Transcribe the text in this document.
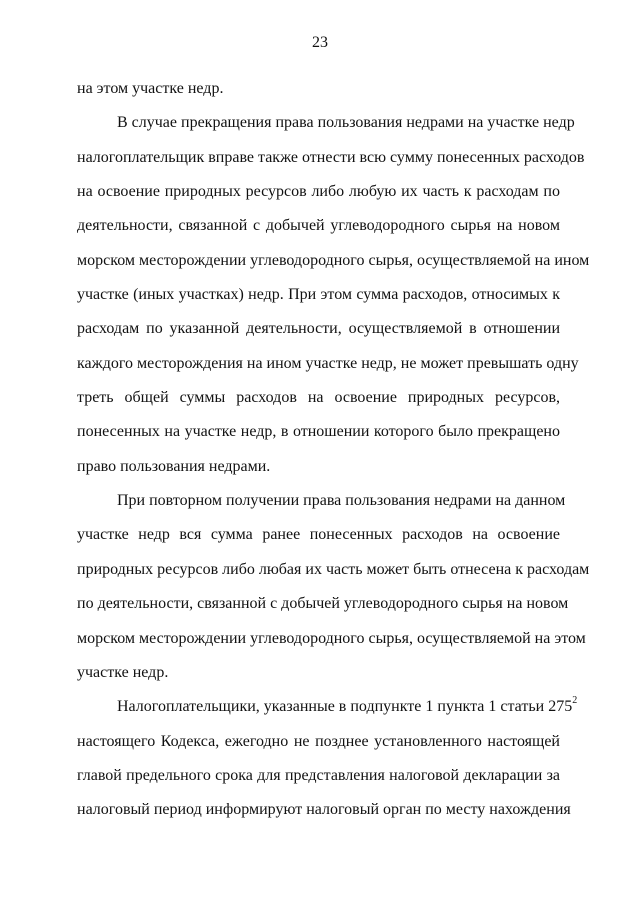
23
на этом участке недр.
В случае прекращения права пользования недрами на участке недр
налогоплательщик вправе также отнести всю сумму понесенных расходов
на освоение природных ресурсов либо любую их часть к расходам по
деятельности, связанной с добычей углеводородного сырья на новом
морском месторождении углеводородного сырья, осуществляемой на ином
участке (иных участках) недр. При этом сумма расходов, относимых к
расходам по указанной деятельности, осуществляемой в отношении
каждого месторождения на ином участке недр, не может превышать одну
треть общей суммы расходов на освоение природных ресурсов,
понесенных на участке недр, в отношении которого было прекращено
право пользования недрами.
При повторном получении права пользования недрами на данном
участке недр вся сумма ранее понесенных расходов на освоение
природных ресурсов либо любая их часть может быть отнесена к расходам
по деятельности, связанной с добычей углеводородного сырья на новом
морском месторождении углеводородного сырья, осуществляемой на этом
участке недр.
Налогоплательщики, указанные в подпункте 1 пункта 1 статьи $275^2$
настоящего Кодекса, ежегодно не позднее установленного настоящей
главой предельного срока для представления налоговой декларации за
налоговый период информируют налоговый орган по месту нахождения
